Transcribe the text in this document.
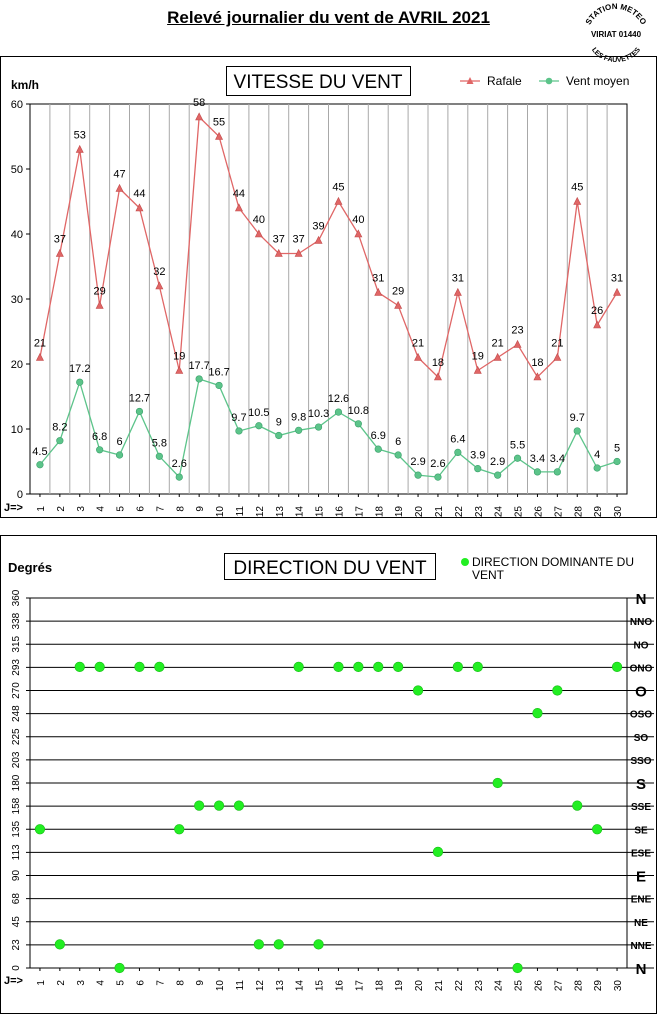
Relevé journalier du vent de AVRIL 2021	STATION METEO
VIRIAT 01440
LES FAUVETTES
0
10
20
30
40
50
60
1 2 3 4 5 6 7 8 9 10 11 12 13 14 15 16 17 18 19 20 21 22 23 24 25 26 27 28 29 30
J=>
km/h	VITESSE DU VENT
21
37
53
29
47
44
32
19
58
55
44
40
37 37
39
45
40
31
29
21
18
31
19
21
23
18
21
45
26
31
4.5
8.2
17.2
6.8 6
12.7
5.8
2.6
17.7
16.7
9.7 10.5
9 9.8 10.3
12.6
10.8
6.9 6
2.9 2.6
6.4
3.9
2.9
5.5
3.4 3.4
9.7
4
5
Rafale	Vent moyen
0	N
23	NNE
45	NE
68	ENE
90	E
113	ESE
135	SE
158	SSE
180	S
203	SSO
225	SO
248	OSO
270	O
293	ONO
315	NO
338	NNO
360	N
1 2 3 4 5 6 7 8 9 10 11 12 13 14 15 16 17 18 19 20 21 22 23 24 25 26 27 28 29 30
J=>
Degrés	DIRECTION DU VENT	DIRECTION DOMINANTE DU VENT
